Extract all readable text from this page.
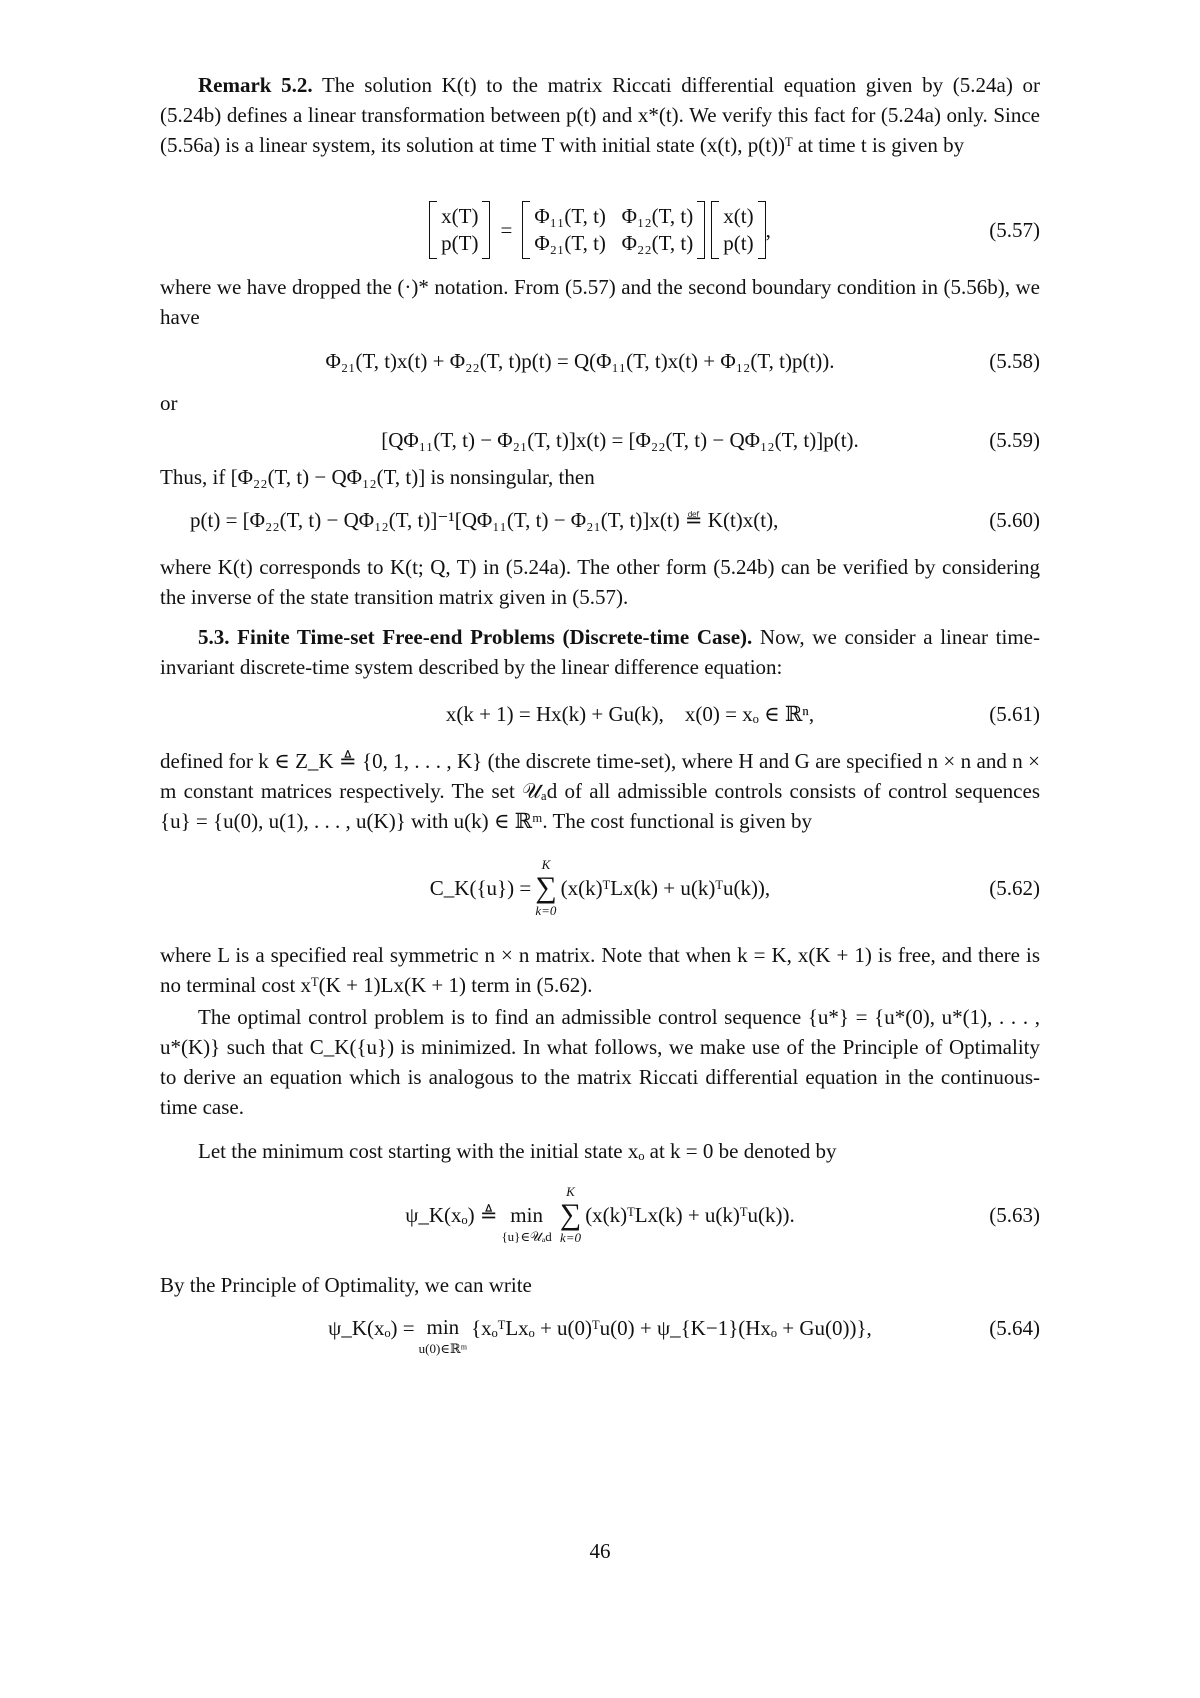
Remark 5.2. The solution K(t) to the matrix Riccati differential equation given by (5.24a) or (5.24b) defines a linear transformation between p(t) and x*(t). We verify this fact for (5.24a) only. Since (5.56a) is a linear system, its solution at time T with initial state (x(t), p(t))ᵀ at time t is given by

x(T)
p(T)
=
Φ₁₁(T, t) Φ₁₂(T, t)
Φ₂₁(T, t) Φ₂₂(T, t)
x(t)
p(t)
,	(5.57)

where we have dropped the (·)* notation. From (5.57) and the second boundary condition in (5.56b), we have

Φ₂₁(T, t)x(t) + Φ₂₂(T, t)p(t) = Q(Φ₁₁(T, t)x(t) + Φ₁₂(T, t)p(t)).	(5.58)

or

[QΦ₁₁(T, t) − Φ₂₁(T, t)]x(t) = [Φ₂₂(T, t) − QΦ₁₂(T, t)]p(t).	(5.59)

Thus, if [Φ₂₂(T, t) − QΦ₁₂(T, t)] is nonsingular, then

p(t) = [Φ₂₂(T, t) − QΦ₁₂(T, t)]⁻¹[QΦ₁₁(T, t) − Φ₂₁(T, t)]x(t) ≝ K(t)x(t),	(5.60)

where K(t) corresponds to K(t; Q, T) in (5.24a). The other form (5.24b) can be verified by considering the inverse of the state transition matrix given in (5.57).

5.3. Finite Time-set Free-end Problems (Discrete-time Case). Now, we consider a linear time-invariant discrete-time system described by the linear difference equation:

x(k + 1) = Hx(k) + Gu(k),    x(0) = xₒ ∈ ℝⁿ,	(5.61)

defined for k ∈ Z_K ≜ {0, 1, . . . , K} (the discrete time-set), where H and G are specified n × n and n × m constant matrices respectively. The set 𝒰ₐd of all admissible controls consists of control sequences {u} = {u(0), u(1), . . . , u(K)} with u(k) ∈ ℝᵐ. The cost functional is given by

C_K({u}) =
K
∑
k=0
(x(k)ᵀLx(k) + u(k)ᵀu(k)),	(5.62)

where L is a specified real symmetric n × n matrix. Note that when k = K, x(K + 1) is free, and there is no terminal cost xᵀ(K + 1)Lx(K + 1) term in (5.62).

The optimal control problem is to find an admissible control sequence {u*} = {u*(0), u*(1), . . . , u*(K)} such that C_K({u}) is minimized. In what follows, we make use of the Principle of Optimality to derive an equation which is analogous to the matrix Riccati differential equation in the continuous-time case.

Let the minimum cost starting with the initial state xₒ at k = 0 be denoted by

ψ_K(xₒ) ≜ min
{u}∈𝒰ₐd
K
∑
k=0
(x(k)ᵀLx(k) + u(k)ᵀu(k)).	(5.63)

By the Principle of Optimality, we can write

ψ_K(xₒ) = min
u(0)∈ℝᵐ
{xₒᵀLxₒ + u(0)ᵀu(0) + ψ_{K−1}(Hxₒ + Gu(0))},	(5.64)
46
